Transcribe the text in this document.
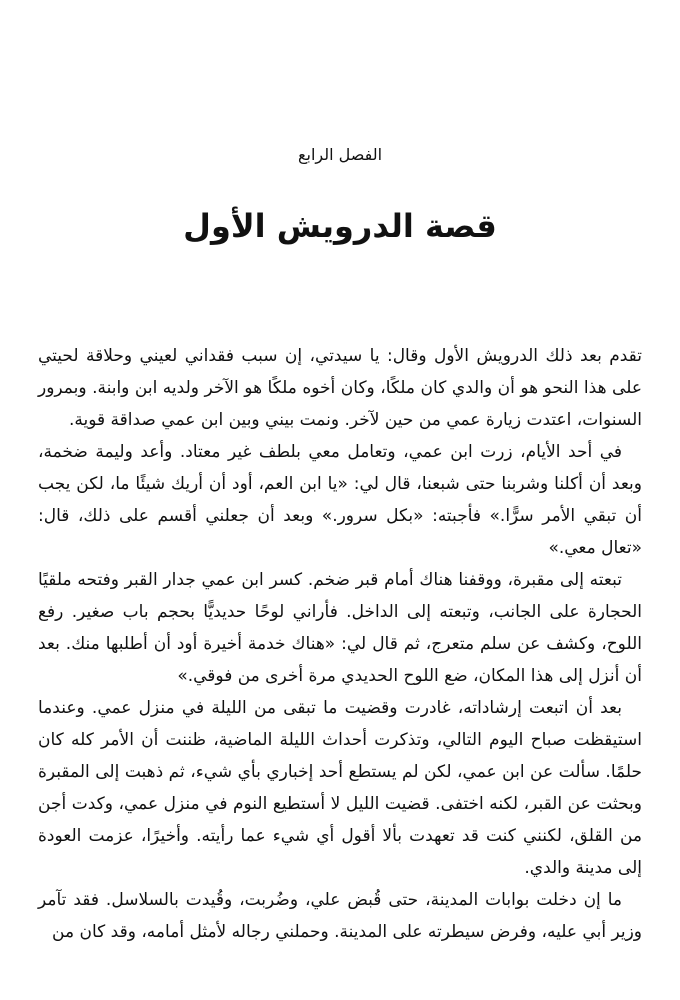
الفصل الرابع
قصة الدرويش الأول

تقدم بعد ذلك الدرويش الأول وقال: يا سيدتي، إن سبب فقداني لعيني وحلاقة لحيتي على هذا النحو هو أن والدي كان ملكًا، وكان أخوه ملكًا هو الآخر ولديه ابن وابنة. وبمرور السنوات، اعتدت زيارة عمي من حين لآخر. ونمت بيني وبين ابن عمي صداقة قوية.

في أحد الأيام، زرت ابن عمي، وتعامل معي بلطف غير معتاد. وأعد وليمة ضخمة، وبعد أن أكلنا وشربنا حتى شبعنا، قال لي: «يا ابن العم، أود أن أريك شيئًا ما، لكن يجب أن تبقي الأمر سرًّا.» فأجبته: «بكل سرور.» وبعد أن جعلني أقسم على ذلك، قال: «تعال معي.»

تبعته إلى مقبرة، ووقفنا هناك أمام قبر ضخم. كسر ابن عمي جدار القبر وفتحه ملقيًا الحجارة على الجانب، وتبعته إلى الداخل. فأراني لوحًا حديديًّا بحجم باب صغير. رفع اللوح، وكشف عن سلم متعرج، ثم قال لي: «هناك خدمة أخيرة أود أن أطلبها منك. بعد أن أنزل إلى هذا المكان، ضع اللوح الحديدي مرة أخرى من فوقي.»

بعد أن اتبعت إرشاداته، غادرت وقضيت ما تبقى من الليلة في منزل عمي. وعندما استيقظت صباح اليوم التالي، وتذكرت أحداث الليلة الماضية، ظننت أن الأمر كله كان حلمًا. سألت عن ابن عمي، لكن لم يستطع أحد إخباري بأي شيء، ثم ذهبت إلى المقبرة وبحثت عن القبر، لكنه اختفى. قضيت الليل لا أستطيع النوم في منزل عمي، وكدت أجن من القلق، لكنني كنت قد تعهدت بألا أقول أي شيء عما رأيته. وأخيرًا، عزمت العودة إلى مدينة والدي.

ما إن دخلت بوابات المدينة، حتى قُبض علي، وضُربت، وقُيدت بالسلاسل. فقد تآمر وزير أبي عليه، وفرض سيطرته على المدينة. وحملني رجاله لأمثل أمامه، وقد كان من
